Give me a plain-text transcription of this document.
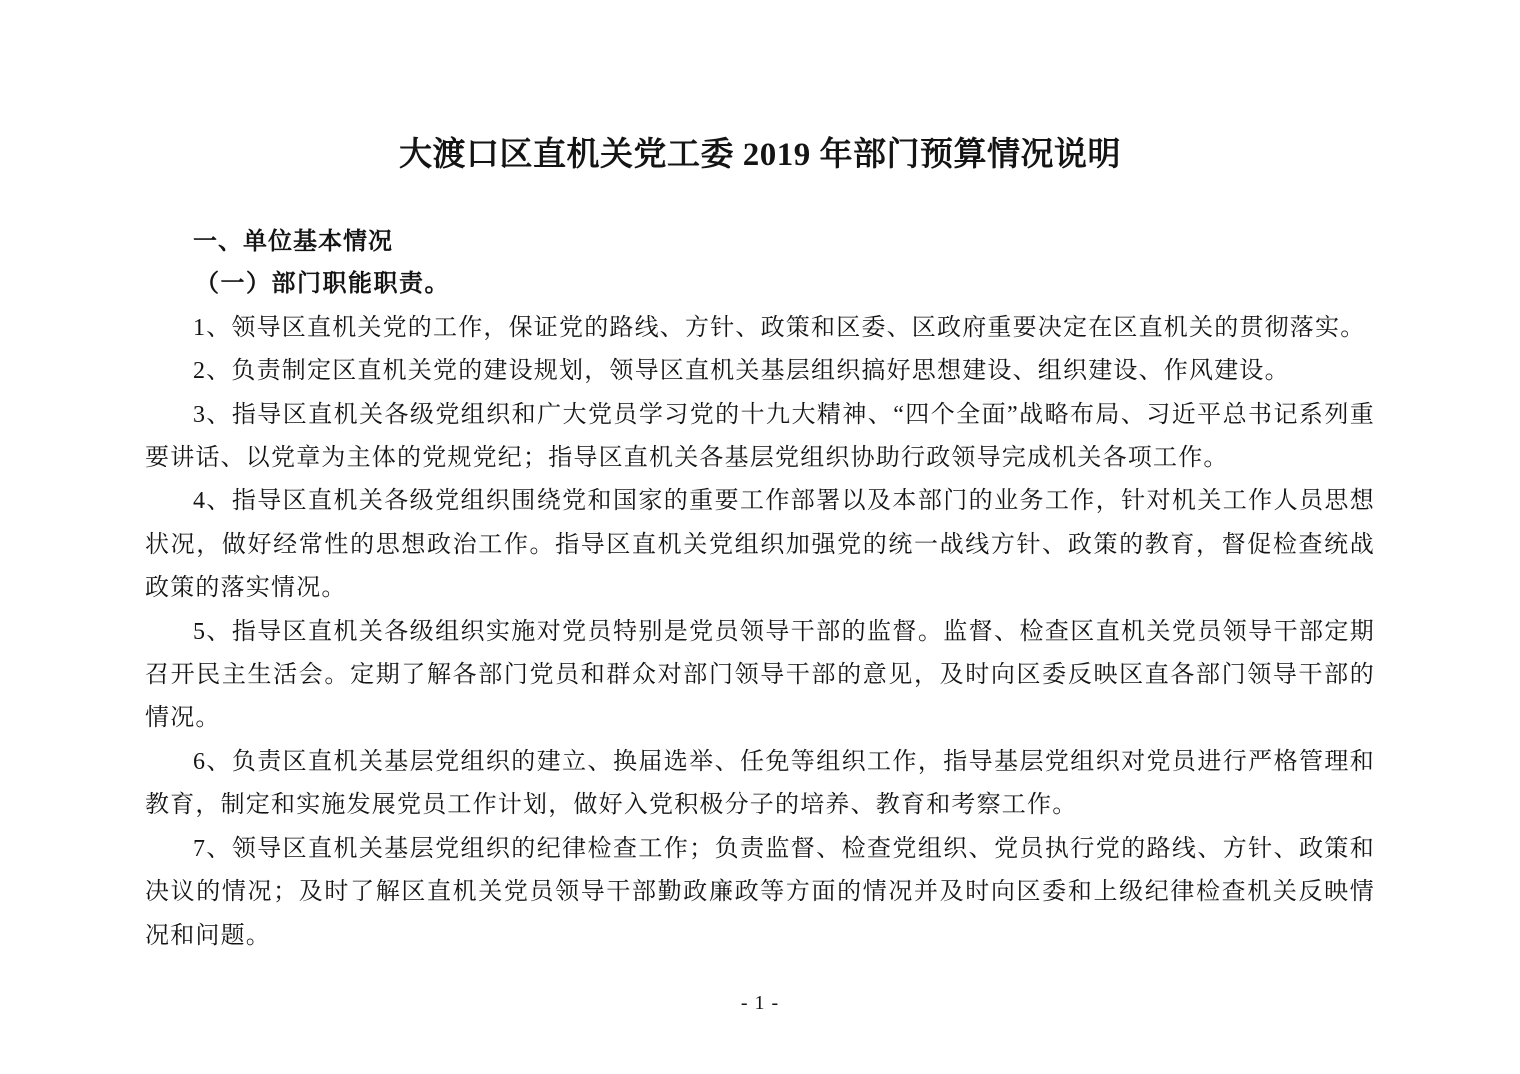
大渡口区直机关党工委 2019 年部门预算情况说明
一、单位基本情况
（一）部门职能职责。

1、领导区直机关党的工作，保证党的路线、方针、政策和区委、区政府重要决定在区直机关的贯彻落实。

2、负责制定区直机关党的建设规划，领导区直机关基层组织搞好思想建设、组织建设、作风建设。

3、指导区直机关各级党组织和广大党员学习党的十九大精神、“四个全面”战略布局、习近平总书记系列重要讲话、以党章为主体的党规党纪；指导区直机关各基层党组织协助行政领导完成机关各项工作。

4、指导区直机关各级党组织围绕党和国家的重要工作部署以及本部门的业务工作，针对机关工作人员思想状况，做好经常性的思想政治工作。指导区直机关党组织加强党的统一战线方针、政策的教育，督促检查统战政策的落实情况。

5、指导区直机关各级组织实施对党员特别是党员领导干部的监督。监督、检查区直机关党员领导干部定期召开民主生活会。定期了解各部门党员和群众对部门领导干部的意见，及时向区委反映区直各部门领导干部的情况。

6、负责区直机关基层党组织的建立、换届选举、任免等组织工作，指导基层党组织对党员进行严格管理和教育，制定和实施发展党员工作计划，做好入党积极分子的培养、教育和考察工作。

7、领导区直机关基层党组织的纪律检查工作；负责监督、检查党组织、党员执行党的路线、方针、政策和决议的情况；及时了解区直机关党员领导干部勤政廉政等方面的情况并及时向区委和上级纪律检查机关反映情况和问题。

- 1 -
